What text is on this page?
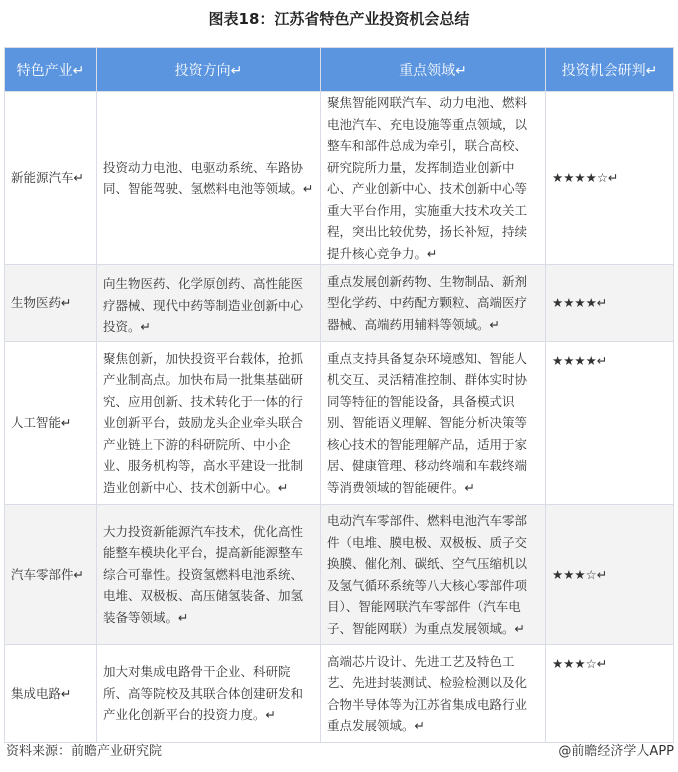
图表18：江苏省特色产业投资机会总结
特色产业↵	投资方向↵	重点领域↵	投资机会研判↵
新能源汽车↵	投资动力电池、电驱动系统、车路协同、智能驾驶、氢燃料电池等领域。↵	聚焦智能网联汽车、动力电池、燃料电池汽车、充电设施等重点领域，以整车和部件总成为牵引，联合高校、研究院所力量，发挥制造业创新中心、产业创新中心、技术创新中心等重大平台作用，实施重大技术攻关工程，突出比较优势，扬长补短，持续提升核心竞争力。↵	★★★★☆↵
生物医药↵	向生物医药、化学原创药、高性能医疗器械、现代中药等制造业创新中心投资。↵	重点发展创新药物、生物制品、新剂型化学药、中药配方颗粒、高端医疗器械、高端药用辅料等领域。↵	★★★★↵
人工智能↵	聚焦创新，加快投资平台载体，抢抓产业制高点。加快布局一批集基础研究、应用创新、技术转化于一体的行业创新平台，鼓励龙头企业牵头联合产业链上下游的科研院所、中小企业、服务机构等，高水平建设一批制造业创新中心、技术创新中心。↵	重点支持具备复杂环境感知、智能人机交互、灵活精准控制、群体实时协同等特征的智能设备，具备模式识别、智能语义理解、智能分析决策等核心技术的智能理解产品，适用于家居、健康管理、移动终端和车载终端等消费领域的智能硬件。↵	★★★★↵
汽车零部件↵	大力投资新能源汽车技术，优化高性能整车模块化平台，提高新能源整车综合可靠性。投资氢燃料电池系统、电堆、双极板、高压储氢装备、加氢装备等领域。↵	电动汽车零部件、燃料电池汽车零部件（电堆、膜电极、双极板、质子交换膜、催化剂、碳纸、空气压缩机以及氢气循环系统等八大核心零部件项目）、智能网联汽车零部件（汽车电子、智能网联）为重点发展领域。↵	★★★☆↵
集成电路↵	加大对集成电路骨干企业、科研院所、高等院校及其联合体创建研发和产业化创新平台的投资力度。↵	高端芯片设计、先进工艺及特色工艺、先进封装测试、检验检测以及化合物半导体等为江苏省集成电路行业重点发展领域。↵	★★★☆↵
资料来源：前瞻产业研究院	@前瞻经济学人APP
